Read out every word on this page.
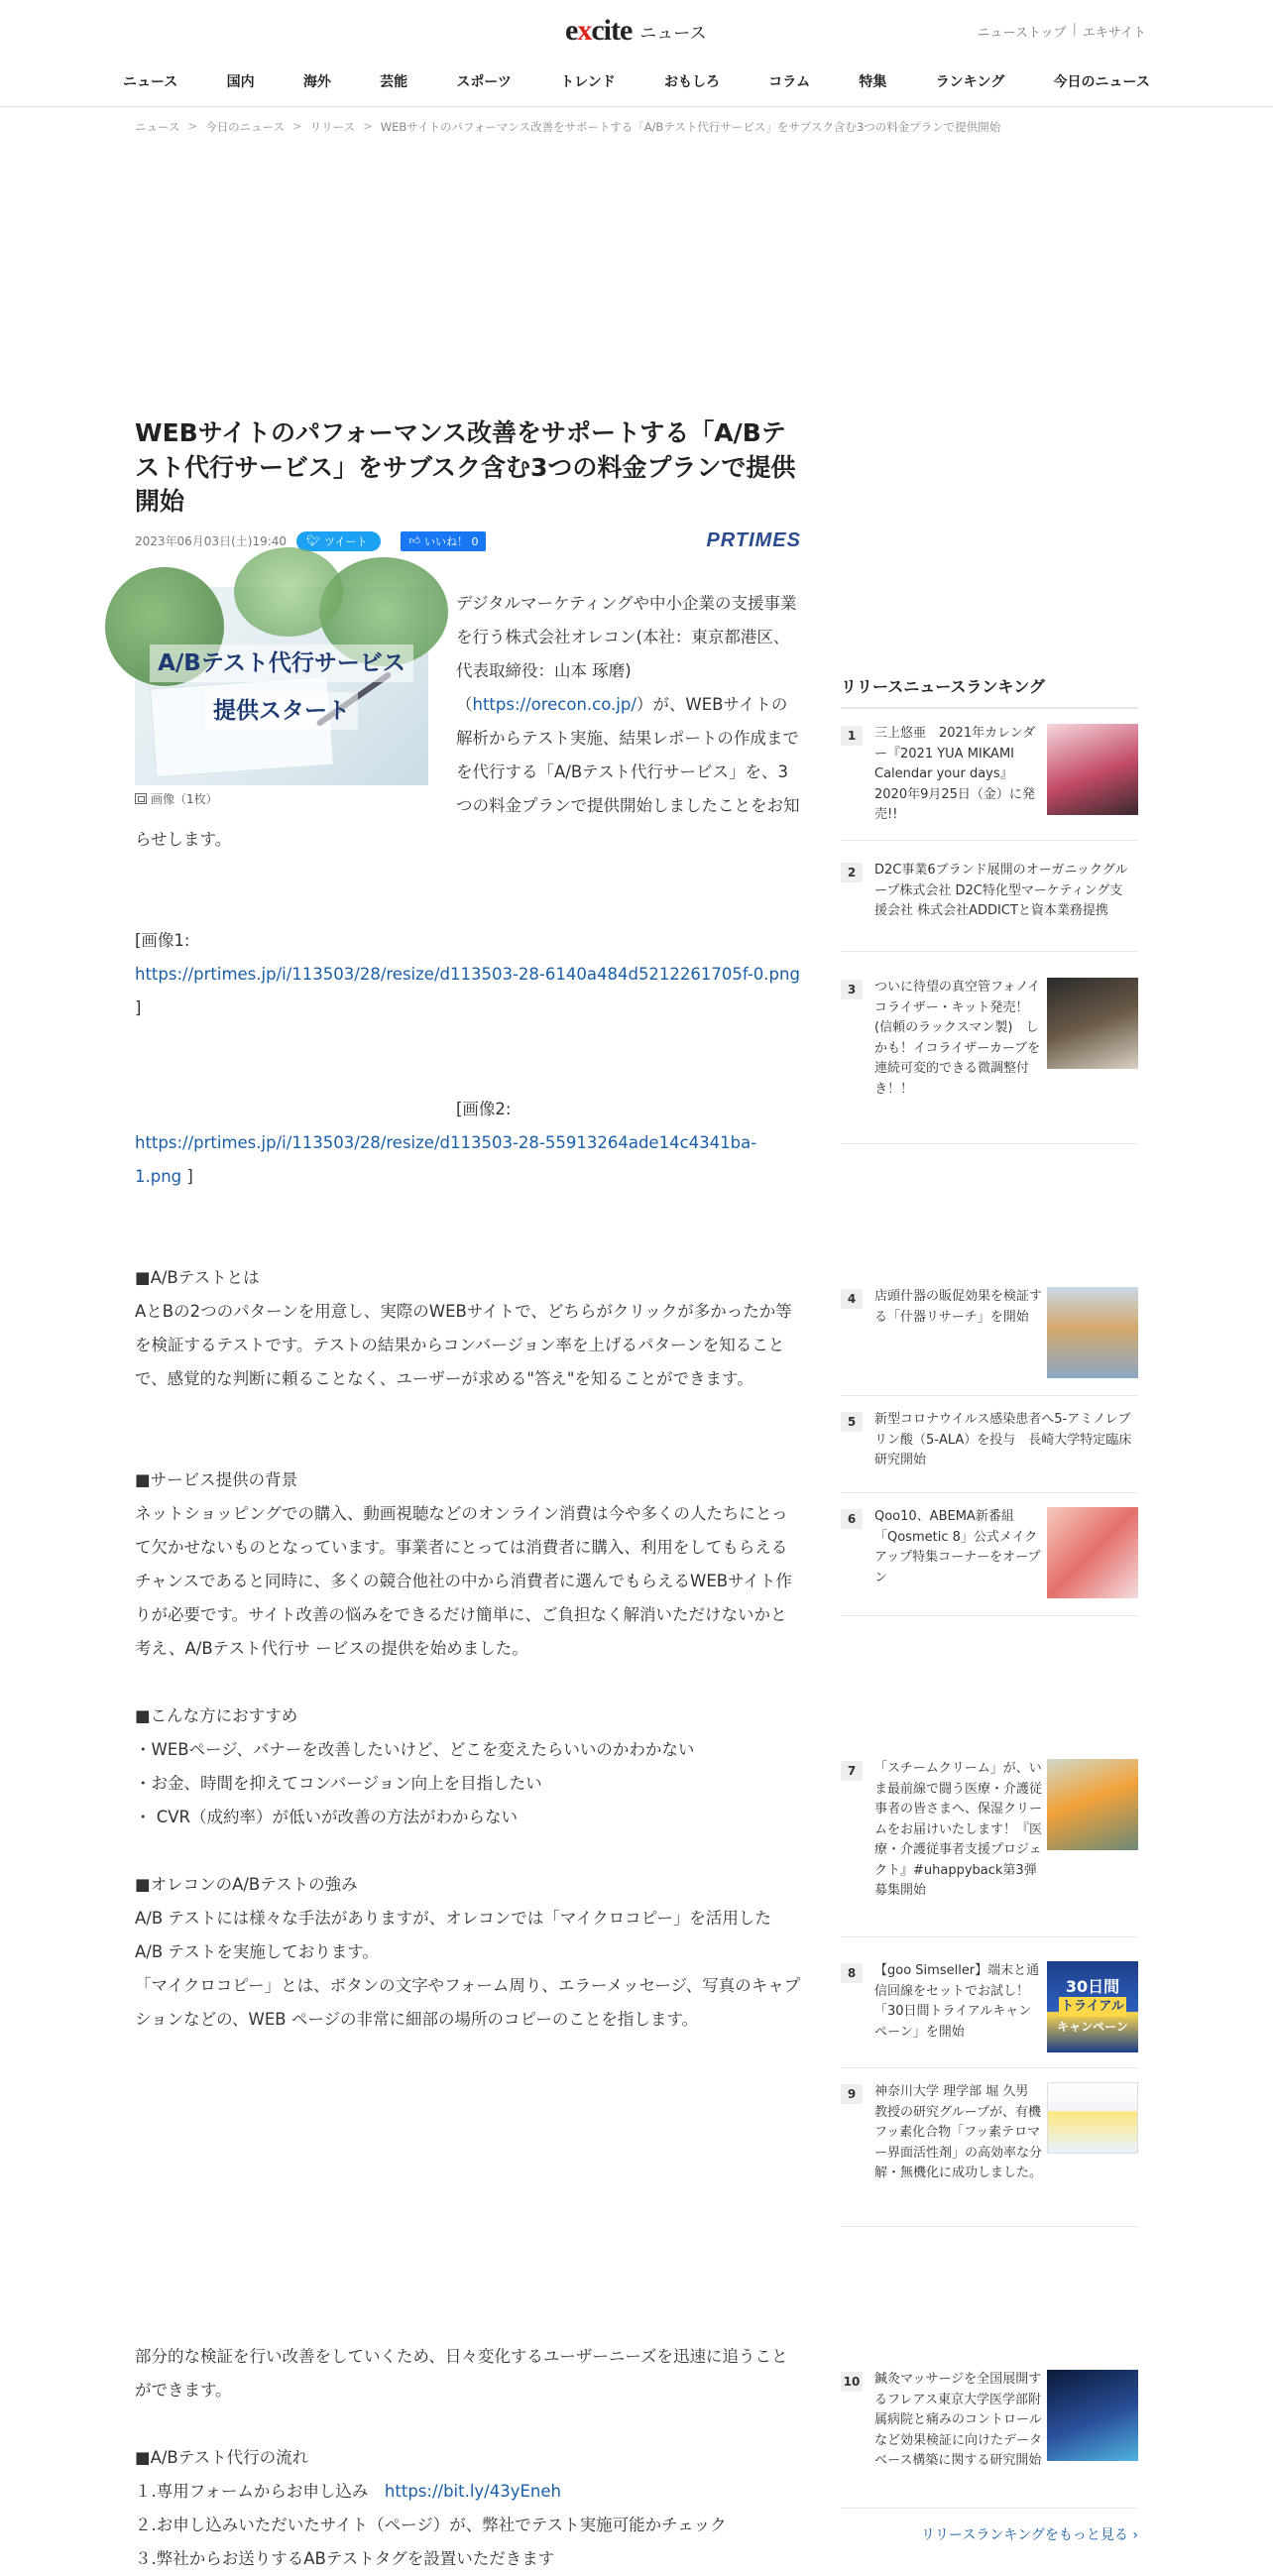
excite ニュース	ニューストップ | エキサイト
ニュース	国内	海外	芸能	スポーツ	トレンド	おもしろ	コラム	特集	ランキング	今日のニュース
ニュース > 今日のニュース > リリース > WEBサイトのパフォーマンス改善をサポートする「A/Bテスト代行サービス」をサブスク含む3つの料金プランで提供開始
WEBサイトのパフォーマンス改善をサポートする「A/Bテスト代行サービス」をサブスク含む3つの料金プランで提供開始
2023年06月03日(土)19:40 🐦︎ ツイート	👍︎ いいね！ 0	PRTIMES
A/Bテスト代行サービス
提供スタート
画像（1枚）

デジタルマーケティングや中小企業の支援事業を行う株式会社オレコン(本社：東京都港区、代表取締役：山本 琢磨)（https://orecon.co.jp/）が、WEBサイトの解析からテスト実施、結果レポートの作成までを代行する「A/Bテスト代行サービス」を、3つの料金プランで提供開始しましたことをお知らせします。

[画像1:
https://prtimes.jp/i/113503/28/resize/d113503-28-6140a484d5212261705f-0.png ]

[画像2:

https://prtimes.jp/i/113503/28/resize/d113503-28-55913264ade14c4341ba-1.png ]

■A/Bテストとは

AとBの2つのパターンを用意し、実際のWEBサイトで、どちらがクリックが多かったか等を検証するテストです。テストの結果からコンバージョン率を上げるパターンを知ることで、感覚的な判断に頼ることなく、ユーザーが求める"答え"を知ることができます。

■サービス提供の背景

ネットショッピングでの購入、動画視聴などのオンライン消費は今や多くの人たちにとって欠かせないものとなっています。事業者にとっては消費者に購入、利用をしてもらえるチャンスであると同時に、多くの競合他社の中から消費者に選んでもらえるWEBサイト作りが必要です。サイト改善の悩みをできるだけ簡単に、ご負担なく解消いただけないかと考え、A/Bテスト代行サ ービスの提供を始めました。

■こんな方におすすめ

・WEBページ、バナーを改善したいけど、どこを変えたらいいのかわかない

・お金、時間を抑えてコンバージョン向上を目指したい

・ CVR（成約率）が低いが改善の方法がわからない

■オレコンのA/Bテストの強み

A/B テストには様々な手法がありますが、オレコンでは「マイクロコピー」を活用した A/B テストを実施しております。

「マイクロコピー」とは、ボタンの文字やフォーム周り、エラーメッセージ、写真のキャプションなどの、WEB ページの非常に細部の場所のコピーのことを指します。

部分的な検証を行い改善をしていくため、日々変化するユーザーニーズを迅速に追うことができます。

■A/Bテスト代行の流れ

１.専用フォームからお申し込み　https://bit.ly/43yEneh

２.お申し込みいただいたサイト（ページ）が、弊社でテスト実施可能かチェック

３.弊社からお送りするABテストタグを設置いただきます

リリースニュースランキング
1	三上悠亜　2021年カレンダー『2021 YUA MIKAMI Calendar your days』2020年9月25日（金）に発売!!
2	D2C事業6ブランド展開のオーガニックグループ株式会社 D2C特化型マーケティング支援会社 株式会社ADDICTと資本業務提携
3	ついに待望の真空管フォノイコライザー・キット発売！(信頼のラックスマン製)　しかも！イコライザーカーブを連続可変的できる微調整付き！！
4	店頭什器の販促効果を検証する「什器リサーチ」を開始
5	新型コロナウイルス感染患者へ5-アミノレブリン酸（5-ALA）を投与　長崎大学特定臨床研究開始
6	Qoo10、ABEMA新番組「Qosmetic 8」公式メイクアップ特集コーナーをオープン
7	「スチームクリーム」が、いま最前線で闘う医療・介護従事者の皆さまへ、保湿クリームをお届けいたします！『医療・介護従事者支援プロジェクト』#uhappyback第3弾募集開始
8	【goo Simseller】端末と通信回線をセットでお試し！「30日間トライアルキャンペーン」を開始
30日間
トライアル
キャンペーン
9	神奈川大学 理学部 堀 久男 教授の研究グループが、有機フッ素化合物「フッ素テロマー界面活性剤」の高効率な分解・無機化に成功しました。
10 鍼灸マッサージを全国展開するフレアス東京大学医学部附属病院と痛みのコントロールなど効果検証に向けたデータベース構築に関する研究開始
リリースランキングをもっと見る ›
